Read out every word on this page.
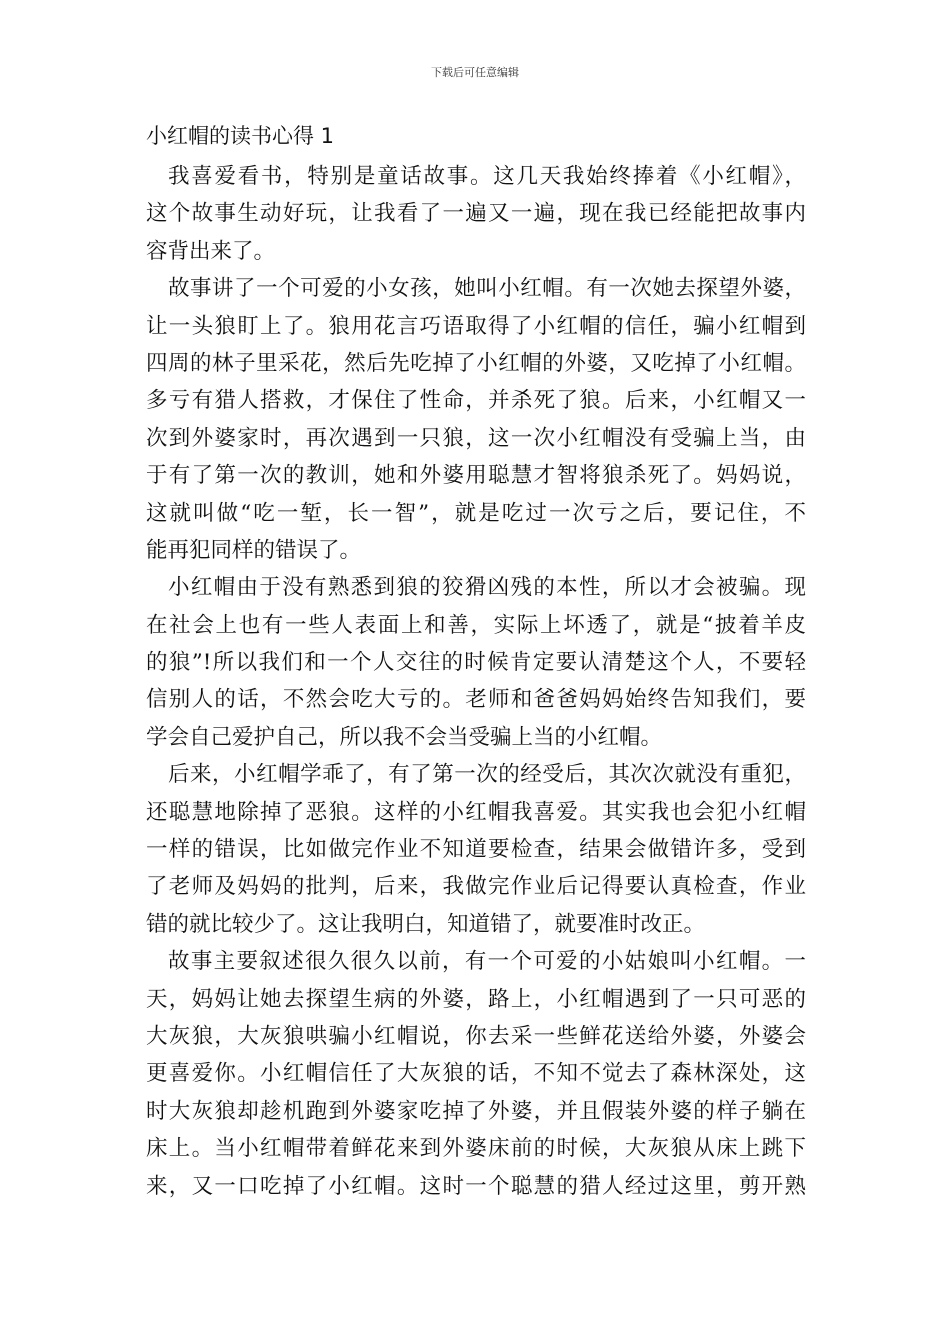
下载后可任意编辑
小红帽的读书心得 1
我喜爱看书，特别是童话故事。这几天我始终捧着《小红帽》，
这个故事生动好玩，让我看了一遍又一遍，现在我已经能把故事内
容背出来了。
故事讲了一个可爱的小女孩，她叫小红帽。有一次她去探望外婆，
让一头狼盯上了。狼用花言巧语取得了小红帽的信任，骗小红帽到
四周的林子里采花，然后先吃掉了小红帽的外婆，又吃掉了小红帽。
多亏有猎人搭救，才保住了性命，并杀死了狼。后来，小红帽又一
次到外婆家时，再次遇到一只狼，这一次小红帽没有受骗上当，由
于有了第一次的教训，她和外婆用聪慧才智将狼杀死了。妈妈说，
这就叫做“吃一堑，长一智”，就是吃过一次亏之后，要记住，不
能再犯同样的错误了。
小红帽由于没有熟悉到狼的狡猾凶残的本性，所以才会被骗。现
在社会上也有一些人表面上和善，实际上坏透了，就是“披着羊皮
的狼”!所以我们和一个人交往的时候肯定要认清楚这个人，不要轻
信别人的话，不然会吃大亏的。老师和爸爸妈妈始终告知我们，要
学会自己爱护自己，所以我不会当受骗上当的小红帽。
后来，小红帽学乖了，有了第一次的经受后，其次次就没有重犯，
还聪慧地除掉了恶狼。这样的小红帽我喜爱。其实我也会犯小红帽
一样的错误，比如做完作业不知道要检查，结果会做错许多，受到
了老师及妈妈的批判，后来，我做完作业后记得要认真检查，作业
错的就比较少了。这让我明白，知道错了，就要准时改正。
故事主要叙述很久很久以前，有一个可爱的小姑娘叫小红帽。一
天，妈妈让她去探望生病的外婆，路上，小红帽遇到了一只可恶的
大灰狼，大灰狼哄骗小红帽说，你去采一些鲜花送给外婆，外婆会
更喜爱你。小红帽信任了大灰狼的话，不知不觉去了森林深处，这
时大灰狼却趁机跑到外婆家吃掉了外婆，并且假装外婆的样子躺在
床上。当小红帽带着鲜花来到外婆床前的时候，大灰狼从床上跳下
来，又一口吃掉了小红帽。这时一个聪慧的猎人经过这里，剪开熟
